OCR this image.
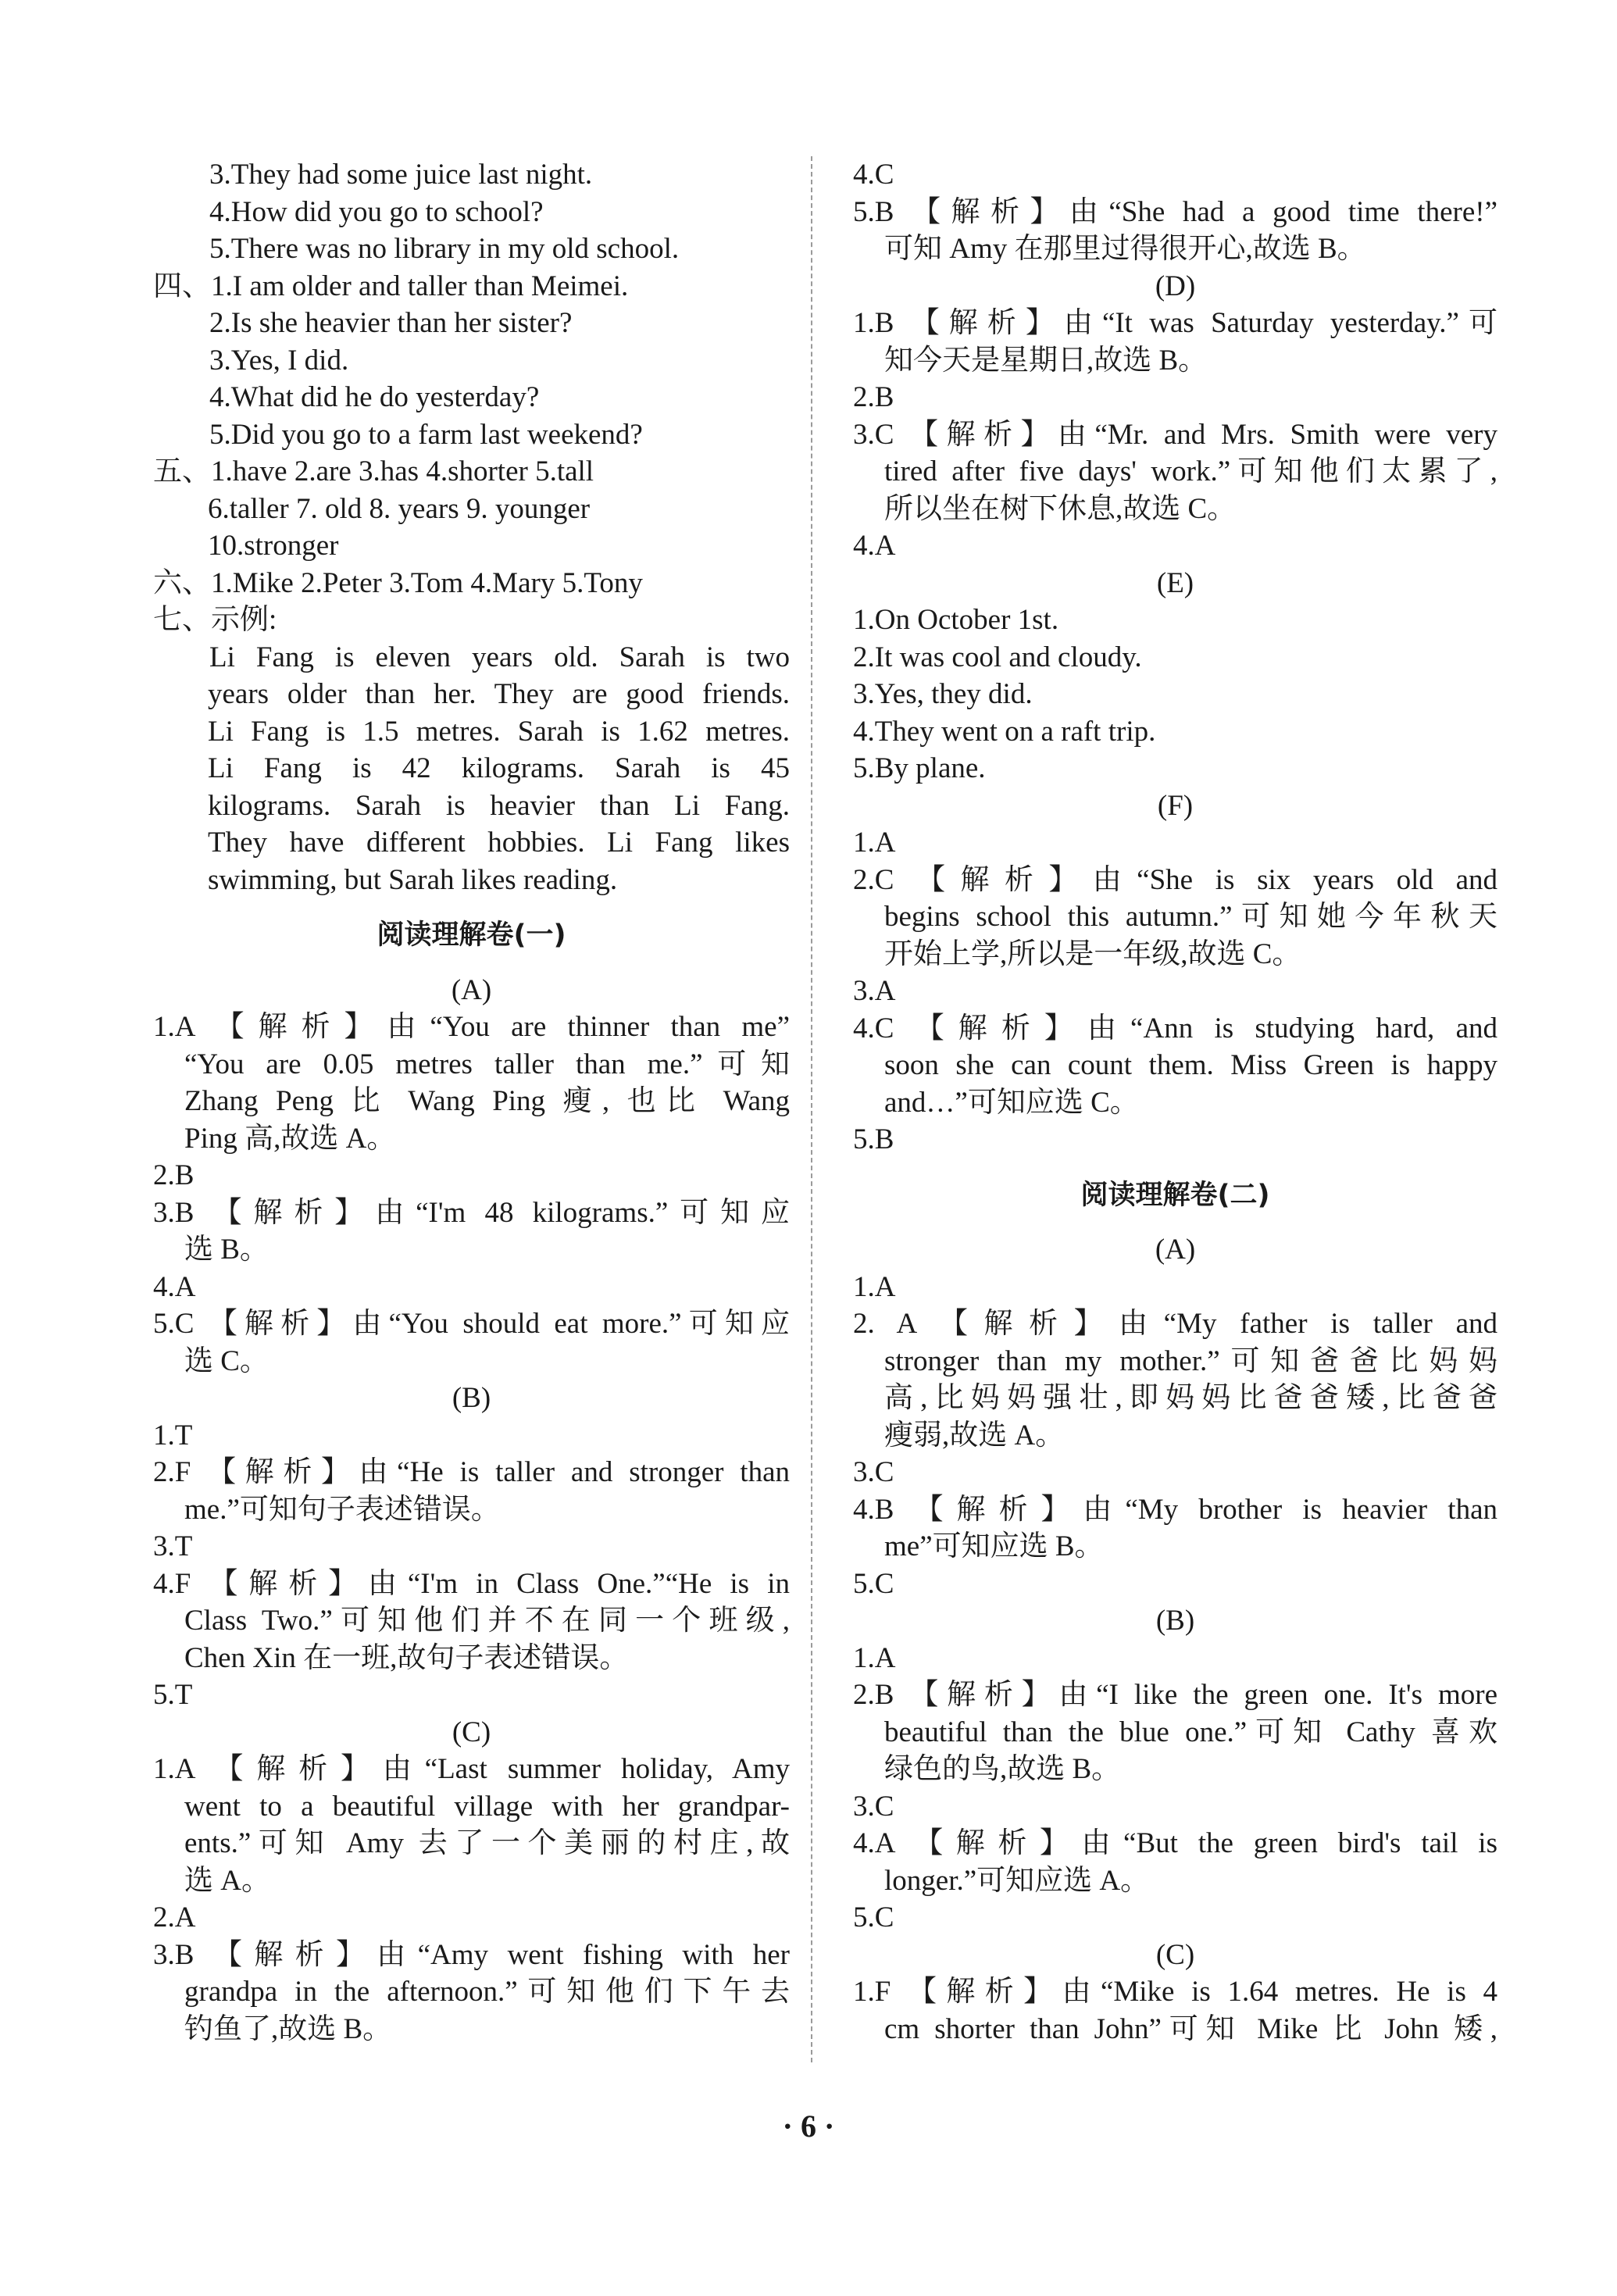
3.They had some juice last night.
4.How did you go to school?
5.There was no library in my old school.
四、1.I am older and taller than Meimei.
2.Is she heavier than her sister?
3.Yes, I did.
4.What did he do yesterday?
5.Did you go to a farm last weekend?
五、1.have 2.are 3.has 4.shorter 5.tall
6.taller 7. old 8. years 9. younger
10.stronger
六、1.Mike 2.Peter 3.Tom 4.Mary 5.Tony
七、示例:
Li Fang is eleven years old. Sarah is two
years older than her. They are good friends.
Li Fang is 1.5 metres. Sarah is 1.62 metres.
Li Fang is 42 kilograms. Sarah is 45
kilograms. Sarah is heavier than Li Fang.
They have different hobbies. Li Fang likes
swimming, but Sarah likes reading.
阅读理解卷(一)
(A)
1.A 【解析】由“You are thinner than me”
“You are 0.05 metres taller than me.”可知
Zhang Peng 比 Wang Ping 瘦, 也比 Wang
Ping 高,故选 A。
2.B
3.B 【解析】由“I'm 48 kilograms.”可知应
选 B。
4.A
5.C 【解析】由“You should eat more.”可知应
选 C。
(B)
1.T
2.F 【解析】由“He is taller and stronger than
me.”可知句子表述错误。
3.T
4.F 【解析】由“I'm in Class One.”“He is in
Class Two.”可知他们并不在同一个班级,
Chen Xin 在一班,故句子表述错误。
5.T
(C)
1.A 【解析】由“Last summer holiday, Amy
went to a beautiful village with her grandpar-
ents.”可知 Amy 去了一个美丽的村庄,故
选 A。
2.A
3.B 【解析】由“Amy went fishing with her
grandpa in the afternoon.”可知他们下午去
钓鱼了,故选 B。
4.C
5.B 【解析】由“She had a good time there!”
可知 Amy 在那里过得很开心,故选 B。
(D)
1.B 【解析】由“It was Saturday yesterday.”可
知今天是星期日,故选 B。
2.B
3.C 【解析】由“Mr. and Mrs. Smith were very
tired after five days' work.”可知他们太累了,
所以坐在树下休息,故选 C。
4.A
(E)
1.On October 1st.
2.It was cool and cloudy.
3.Yes, they did.
4.They went on a raft trip.
5.By plane.
(F)
1.A
2.C 【解析】由“She is six years old and
begins school this autumn.”可知她今年秋天
开始上学,所以是一年级,故选 C。
3.A
4.C 【解析】由“Ann is studying hard, and
soon she can count them. Miss Green is happy
and…”可知应选 C。
5.B
阅读理解卷(二)
(A)
1.A
2. A 【解析】由“My father is taller and
stronger than my mother.”可知爸爸比妈妈
高,比妈妈强壮,即妈妈比爸爸矮,比爸爸
瘦弱,故选 A。
3.C
4.B 【解析】由“My brother is heavier than
me”可知应选 B。
5.C
(B)
1.A
2.B 【解析】由“I like the green one. It's more
beautiful than the blue one.”可知 Cathy 喜欢
绿色的鸟,故选 B。
3.C
4.A 【解析】由“But the green bird's tail is
longer.”可知应选 A。
5.C
(C)
1.F 【解析】由“Mike is 1.64 metres. He is 4
cm shorter than John”可知 Mike 比 John 矮,
· 6 ·
